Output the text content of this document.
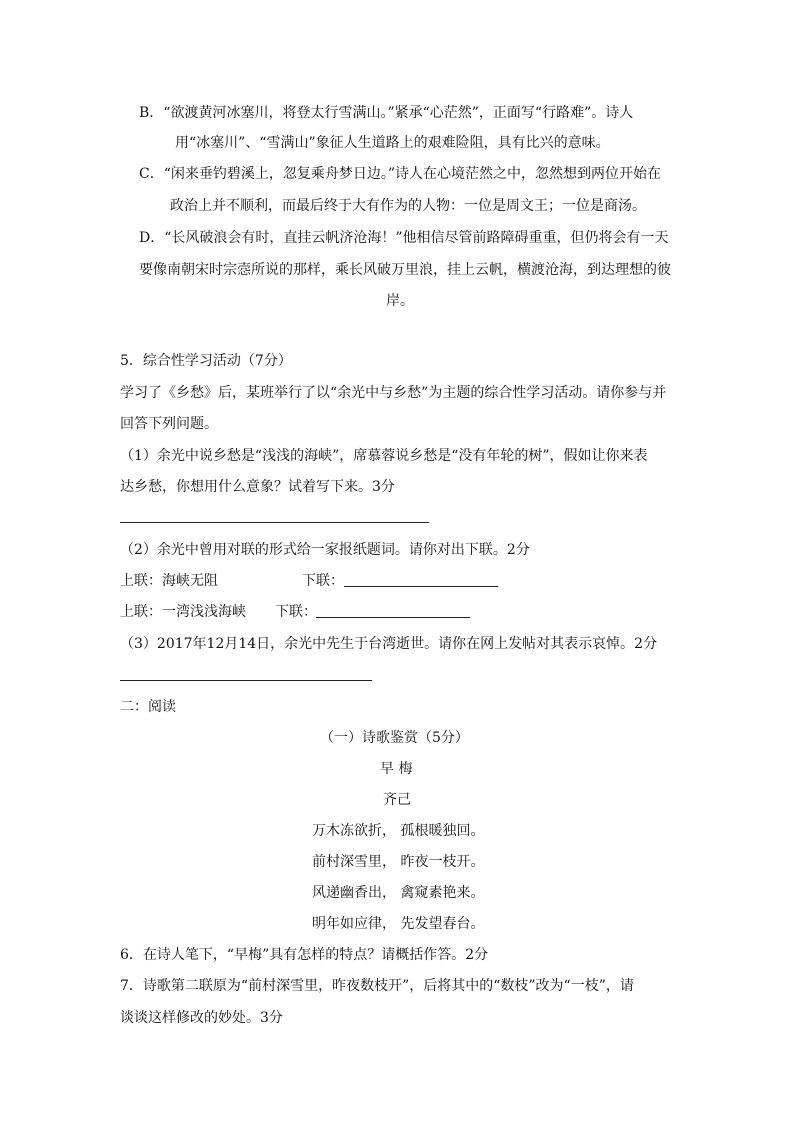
B．“欲渡黄河冰塞川，将登太行雪满山。”紧承“心茫然”，正面写“行路难”。诗人
用“冰塞川”、“雪满山”象征人生道路上的艰难险阻，具有比兴的意味。
C．“闲来垂钓碧溪上，忽复乘舟梦日边。”诗人在心境茫然之中，忽然想到两位开始在
政治上并不顺利，而最后终于大有作为的人物：一位是周文王；一位是商汤。
D．“长风破浪会有时，直挂云帆济沧海！”他相信尽管前路障碍重重，但仍将会有一天
要像南朝宋时宗悫所说的那样，乘长风破万里浪，挂上云帆，横渡沧海，到达理想的彼
岸。
5．综合性学习活动（7分）
学习了《乡愁》后，某班举行了以“余光中与乡愁”为主题的综合性学习活动。请你参与并
回答下列问题。
（1）余光中说乡愁是“浅浅的海峡”，席慕蓉说乡愁是“没有年轮的树”，假如让你来表
达乡愁，你想用什么意象？试着写下来。3分
（2）余光中曾用对联的形式给一家报纸题词。请你对出下联。2分
上联：海峡无阻	下联：
上联：一湾浅浅海峡 下联：
（3）2017年12月14日，余光中先生于台湾逝世。请你在网上发帖对其表示哀悼。2分
二：阅读
（一）诗歌鉴赏（5分）
早 梅
齐己
万木冻欲折， 孤根暖独回。
前村深雪里， 昨夜一枝开。
风递幽香出， 禽窥素艳来。
明年如应律， 先发望春台。
6．在诗人笔下，“早梅”具有怎样的特点？请概括作答。2分
7．诗歌第二联原为“前村深雪里，昨夜数枝开”，后将其中的“数枝”改为“一枝”，请
谈谈这样修改的妙处。3分
